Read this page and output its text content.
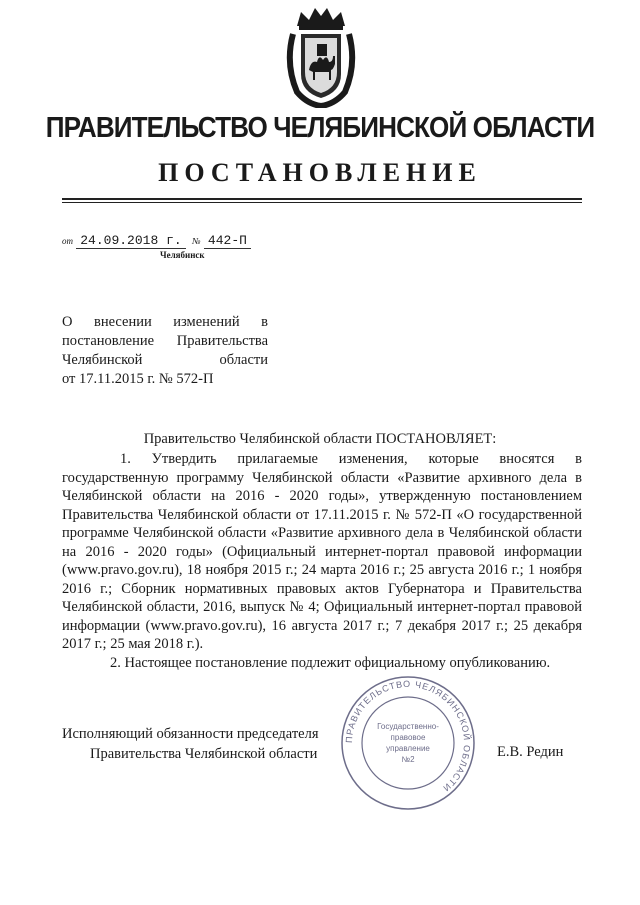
ПРАВИТЕЛЬСТВО ЧЕЛЯБИНСКОЙ ОБЛАСТИ
ПОСТАНОВЛЕНИЕ
от 24.09.2018 г. № 442-П
Челябинск
О внесении изменений в
постановление Правительства
Челябинской области
от 17.11.2015 г. № 572-П
Правительство Челябинской области ПОСТАНОВЛЯЕТ:

1. Утвердить прилагаемые изменения, которые вносятся в государственную программу Челябинской области «Развитие архивного дела в Челябинской области на 2016 - 2020 годы», утвержденную постановлением Правительства Челябинской области от 17.11.2015 г. № 572-П «О государственной программе Челябинской области «Развитие архивного дела в Челябинской области на 2016 - 2020 годы» (Официальный интернет-портал правовой информации (www.pravo.gov.ru), 18 ноября 2015 г.; 24 марта 2016 г.; 25 августа 2016 г.; 1 ноября 2016 г.; Сборник нормативных правовых актов Губернатора и Правительства Челябинской области, 2016, выпуск № 4; Официальный интернет-портал правовой информации (www.pravo.gov.ru), 16 августа 2017 г.; 7 декабря 2017 г.; 25 декабря 2017 г.; 25 мая 2018 г.).

2. Настоящее постановление подлежит официальному опубликованию.
ПРАВИТЕЛЬСТВО ЧЕЛЯБИНСКОЙ ОБЛАСТИ
Государственно-
правовое
управление
№2
Исполняющий обязанности председателя
Правительства Челябинской области	Е.В. Редин
